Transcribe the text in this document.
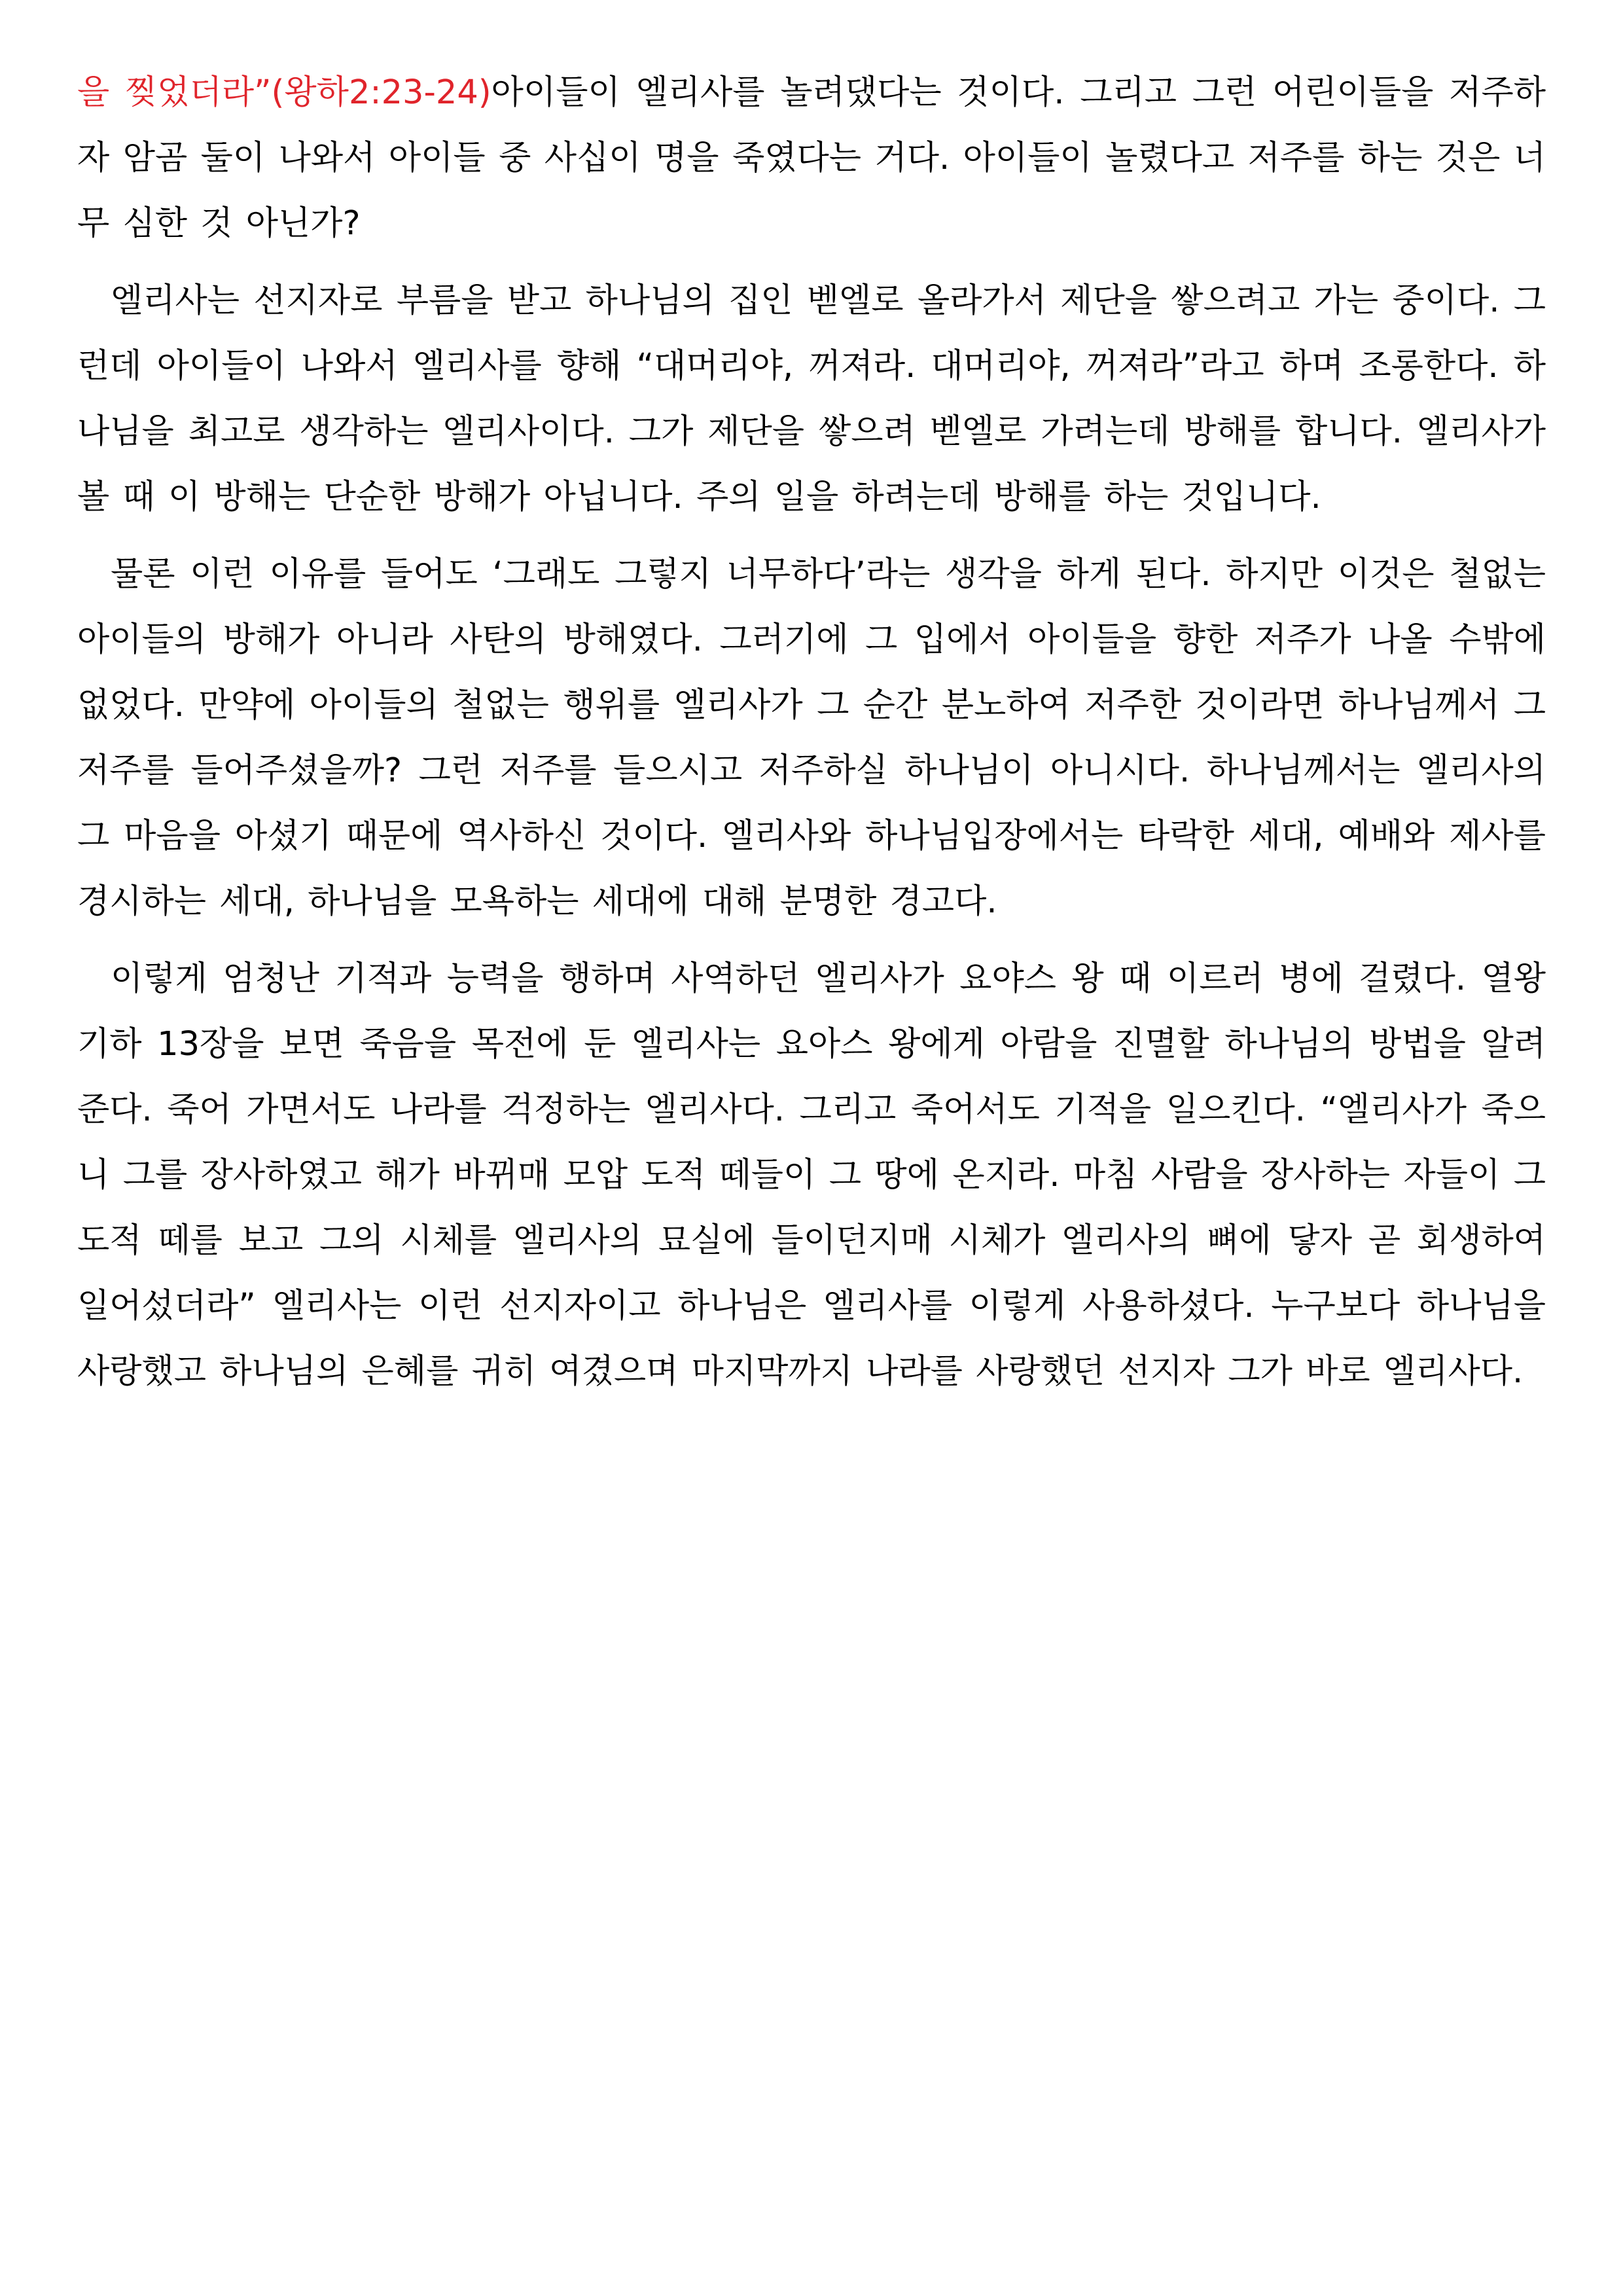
을 찢었더라”(왕하2:23-24)아이들이 엘리사를 놀려댔다는 것이다. 그리고 그런 어린이들을 저주하자 암곰 둘이 나와서 아이들 중 사십이 명을 죽였다는 거다. 아이들이 놀렸다고 저주를 하는 것은 너무 심한 것 아닌가?

엘리사는 선지자로 부름을 받고 하나님의 집인 벧엘로 올라가서 제단을 쌓으려고 가는 중이다. 그런데 아이들이 나와서 엘리사를 향해 “대머리야, 꺼져라. 대머리야, 꺼져라”라고 하며 조롱한다. 하나님을 최고로 생각하는 엘리사이다. 그가 제단을 쌓으려 벧엘로 가려는데 방해를 합니다. 엘리사가 볼 때 이 방해는 단순한 방해가 아닙니다. 주의 일을 하려는데 방해를 하는 것입니다.

물론 이런 이유를 들어도 ‘그래도 그렇지 너무하다’라는 생각을 하게 된다. 하지만 이것은 철없는 아이들의 방해가 아니라 사탄의 방해였다. 그러기에 그 입에서 아이들을 향한 저주가 나올 수밖에 없었다. 만약에 아이들의 철없는 행위를 엘리사가 그 순간 분노하여 저주한 것이라면 하나님께서 그 저주를 들어주셨을까? 그런 저주를 들으시고 저주하실 하나님이 아니시다. 하나님께서는 엘리사의 그 마음을 아셨기 때문에 역사하신 것이다. 엘리사와 하나님입장에서는 타락한 세대, 예배와 제사를 경시하는 세대, 하나님을 모욕하는 세대에 대해 분명한 경고다.

이렇게 엄청난 기적과 능력을 행하며 사역하던 엘리사가 요야스 왕 때 이르러 병에 걸렸다. 열왕기하 13장을 보면 죽음을 목전에 둔 엘리사는 요아스 왕에게 아람을 진멸할 하나님의 방법을 알려준다. 죽어 가면서도 나라를 걱정하는 엘리사다. 그리고 죽어서도 기적을 일으킨다. “엘리사가 죽으니 그를 장사하였고 해가 바뀌매 모압 도적 떼들이 그 땅에 온지라. 마침 사람을 장사하는 자들이 그 도적 떼를 보고 그의 시체를 엘리사의 묘실에 들이던지매 시체가 엘리사의 뼈에 닿자 곧 회생하여 일어섰더라” 엘리사는 이런 선지자이고 하나님은 엘리사를 이렇게 사용하셨다. 누구보다 하나님을 사랑했고 하나님의 은혜를 귀히 여겼으며 마지막까지 나라를 사랑했던 선지자 그가 바로 엘리사다.
